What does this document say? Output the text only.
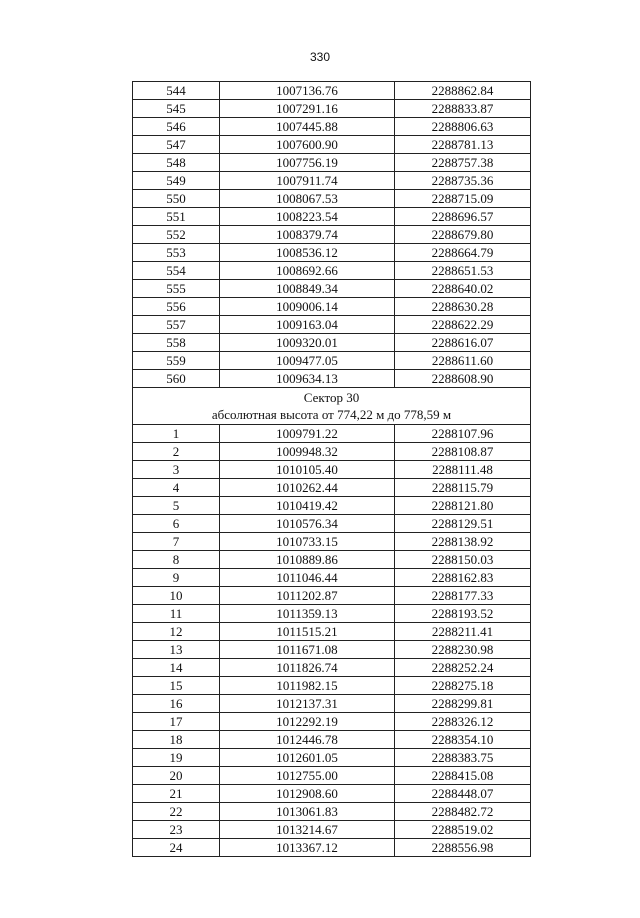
330
544	1007136.76	2288862.84
545	1007291.16	2288833.87
546	1007445.88	2288806.63
547	1007600.90	2288781.13
548	1007756.19	2288757.38
549	1007911.74	2288735.36
550	1008067.53	2288715.09
551	1008223.54	2288696.57
552	1008379.74	2288679.80
553	1008536.12	2288664.79
554	1008692.66	2288651.53
555	1008849.34	2288640.02
556	1009006.14	2288630.28
557	1009163.04	2288622.29
558	1009320.01	2288616.07
559	1009477.05	2288611.60
560	1009634.13	2288608.90

Сектор 30
абсолютная высота от 774,22 м до 778,59 м		

1	1009791.22	2288107.96
2	1009948.32	2288108.87
3	1010105.40	2288111.48
4	1010262.44	2288115.79
5	1010419.42	2288121.80
6	1010576.34	2288129.51
7	1010733.15	2288138.92
8	1010889.86	2288150.03
9	1011046.44	2288162.83
10	1011202.87	2288177.33
11	1011359.13	2288193.52
12	1011515.21	2288211.41
13	1011671.08	2288230.98
14	1011826.74	2288252.24
15	1011982.15	2288275.18
16	1012137.31	2288299.81
17	1012292.19	2288326.12
18	1012446.78	2288354.10
19	1012601.05	2288383.75
20	1012755.00	2288415.08
21	1012908.60	2288448.07
22	1013061.83	2288482.72
23	1013214.67	2288519.02
24	1013367.12	2288556.98
